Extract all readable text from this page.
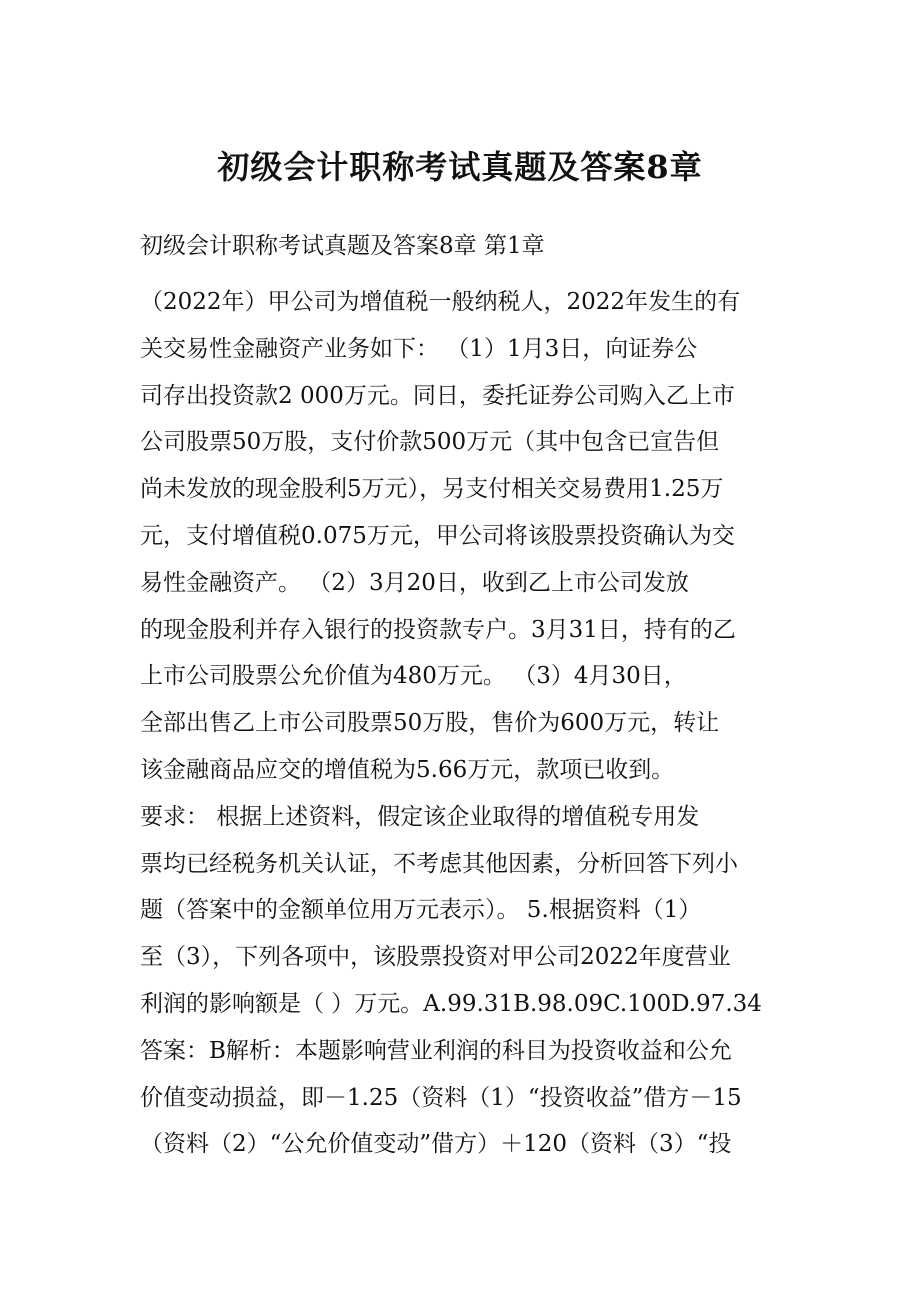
初级会计职称考试真题及答案8章
初级会计职称考试真题及答案8章 第1章
（2022年）甲公司为增值税一般纳税人，2022年发生的有
关交易性金融资产业务如下： （1）1月3日，向证券公
司存出投资款2 000万元。同日，委托证券公司购入乙上市
公司股票50万股，支付价款500万元（其中包含已宣告但
尚未发放的现金股利5万元），另支付相关交易费用1.25万
元，支付增值税0.075万元，甲公司将该股票投资确认为交
易性金融资产。 （2）3月20日，收到乙上市公司发放
的现金股利并存入银行的投资款专户。3月31日，持有的乙
上市公司股票公允价值为480万元。 （3）4月30日，
全部出售乙上市公司股票50万股，售价为600万元，转让
该金融商品应交的增值税为5.66万元，款项已收到。
要求： 根据上述资料，假定该企业取得的增值税专用发
票均已经税务机关认证，不考虑其他因素，分析回答下列小
题（答案中的金额单位用万元表示）。 5.根据资料（1）
至（3），下列各项中，该股票投资对甲公司2022年度营业
利润的影响额是（ ）万元。A.99.31B.98.09C.100D.97.34
答案：B解析：本题影响营业利润的科目为投资收益和公允
价值变动损益，即－1.25（资料（1）“投资收益”借方－15
（资料（2）“公允价值变动”借方）＋120（资料（3）“投
